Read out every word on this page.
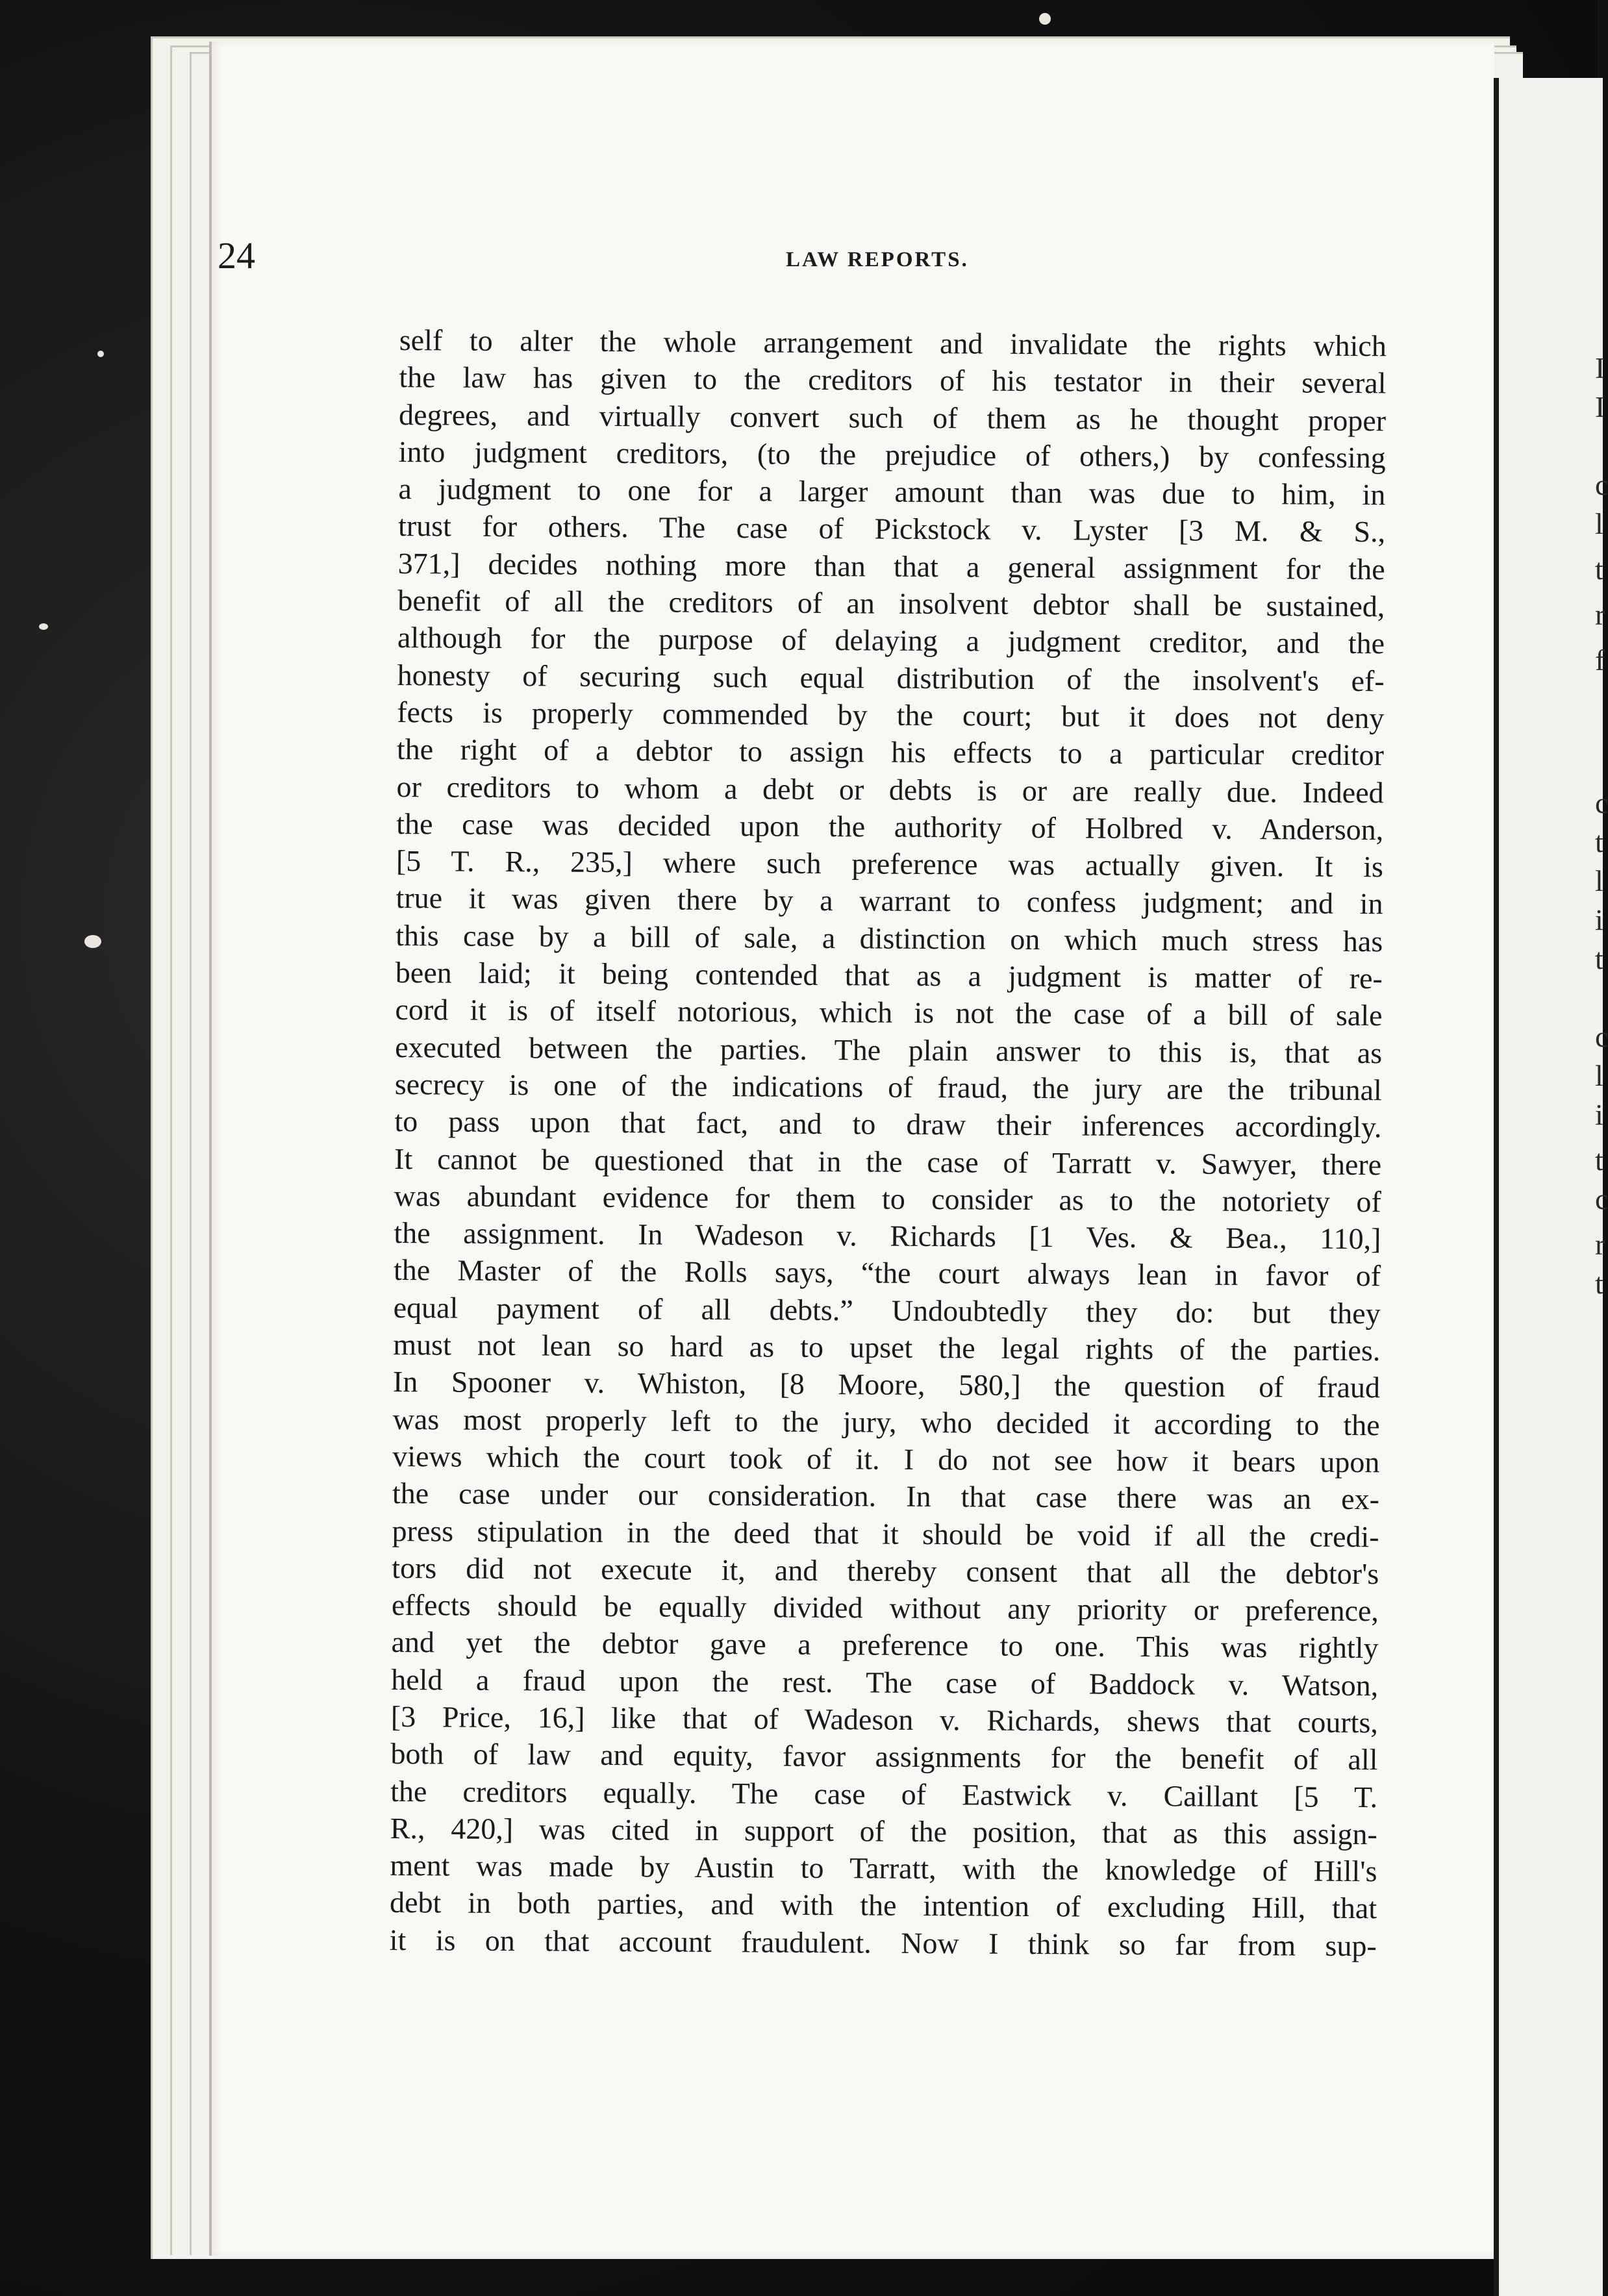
I
I
c
l
t
r
f
c
t
l
i
t
c
l
i
t
c
r
t
24	LAW REPORTS.
self to alter the whole arrangement and invalidate the rights which
the law has given to the creditors of his testator in their several
degrees, and virtually convert such of them as he thought proper
into judgment creditors, (to the prejudice of others,) by confessing
a judgment to one for a larger amount than was due to him, in
trust for others. The case of Pickstock v. Lyster [3 M. & S.,
371,] decides nothing more than that a general assignment for the
benefit of all the creditors of an insolvent debtor shall be sustained,
although for the purpose of delaying a judgment creditor, and the
honesty of securing such equal distribution of the insolvent's ef-
fects is properly commended by the court; but it does not deny
the right of a debtor to assign his effects to a particular creditor
or creditors to whom a debt or debts is or are really due. Indeed
the case was decided upon the authority of Holbred v. Anderson,
[5 T. R., 235,] where such preference was actually given. It is
true it was given there by a warrant to confess judgment; and in
this case by a bill of sale, a distinction on which much stress has
been laid; it being contended that as a judgment is matter of re-
cord it is of itself notorious, which is not the case of a bill of sale
executed between the parties. The plain answer to this is, that as
secrecy is one of the indications of fraud, the jury are the tribunal
to pass upon that fact, and to draw their inferences accordingly.
It cannot be questioned that in the case of Tarratt v. Sawyer, there
was abundant evidence for them to consider as to the notoriety of
the assignment. In Wadeson v. Richards [1 Ves. & Bea., 110,]
the Master of the Rolls says, “the court always lean in favor of
equal payment of all debts.” Undoubtedly they do: but they
must not lean so hard as to upset the legal rights of the parties.
In Spooner v. Whiston, [8 Moore, 580,] the question of fraud
was most properly left to the jury, who decided it according to the
views which the court took of it. I do not see how it bears upon
the case under our consideration. In that case there was an ex-
press stipulation in the deed that it should be void if all the credi-
tors did not execute it, and thereby consent that all the debtor's
effects should be equally divided without any priority or preference,
and yet the debtor gave a preference to one. This was rightly
held a fraud upon the rest. The case of Baddock v. Watson,
[3 Price, 16,] like that of Wadeson v. Richards, shews that courts,
both of law and equity, favor assignments for the benefit of all
the creditors equally. The case of Eastwick v. Caillant [5 T.
R., 420,] was cited in support of the position, that as this assign-
ment was made by Austin to Tarratt, with the knowledge of Hill's
debt in both parties, and with the intention of excluding Hill, that
it is on that account fraudulent. Now I think so far from sup-
